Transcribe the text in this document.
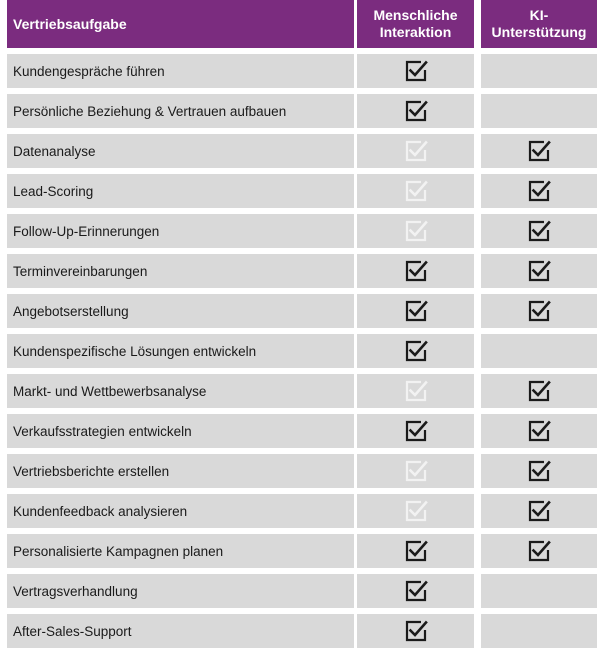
Vertriebsaufgabe
Menschliche
Interaktion
KI-
Unterstützung
Kundengespräche führen
Persönliche Beziehung & Vertrauen aufbauen
Datenanalyse
Lead-Scoring
Follow-Up-Erinnerungen
Terminvereinbarungen
Angebotserstellung
Kundenspezifische Lösungen entwickeln
Markt- und Wettbewerbsanalyse
Verkaufsstrategien entwickeln
Vertriebsberichte erstellen
Kundenfeedback analysieren
Personalisierte Kampagnen planen
Vertragsverhandlung
After-Sales-Support
